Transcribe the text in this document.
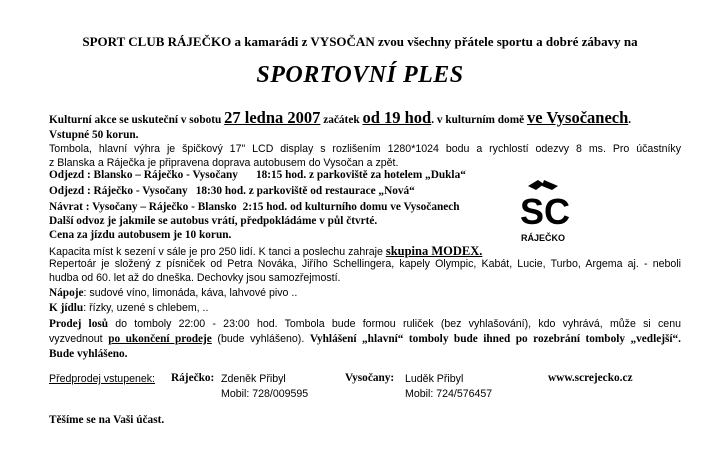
SPORT CLUB RÁJEČKO a kamarádi z VYSOČAN zvou všechny přátele sportu a dobré zábavy na
SPORTOVNÍ PLES
Kulturní akce se uskuteční v sobotu 27 ledna 2007 začátek od 19 hod. v kulturním domě ve Vysočanech.
Vstupné 50 korun.
Tombola, hlavní výhra je špičkový 17" LCD display s rozlišením 1280*1024 bodu a rychlostí odezvy 8 ms. Pro účastníky
z Blanska a Ráječka je připravena doprava autobusem do Vysočan a zpět.
Odjezd : Blansko – Ráječko - Vysočany 18:15 hod. z parkoviště za hotelem „Dukla“
Odjezd : Ráječko - Vysočany 18:30 hod. z parkoviště od restaurace „Nová“
Návrat : Vysočany – Ráječko - Blansko 2:15 hod. od kulturního domu ve Vysočanech
Další odvoz je jakmile se autobus vrátí, předpokládáme v půl čtvrté.
Cena za jízdu autobusem je 10 korun.
Kapacita míst k sezení v sále je pro 250 lidí. K tanci a poslechu zahraje skupina MODEX.
Repertoár je složený z písniček od Petra Nováka, Jiřího Schellingera, kapely Olympic, Kabát, Lucie, Turbo, Argema aj. - neboli
hudba od 60. let až do dneška. Dechovky jsou samozřejmostí.
Nápoje: sudové víno, limonáda, káva, lahvové pivo ..
K jídlu: řízky, uzené s chlebem, ..
Prodej losů do tomboly 22:00 - 23:00 hod. Tombola bude formou ruliček (bez vyhlašování), kdo vyhrává, může si cenu
vyzvednout po ukončení prodeje (bude vyhlášeno). Vyhlášení „hlavní“ tomboly bude ihned po rozebrání tomboly „vedlejší“.
Bude vyhlášeno.
Předprodej vstupenek: Ráječko: Zdeněk Přibyl
Mobil: 728/009595
Vysočany: Luděk Přibyl
Mobil: 724/576457
www.screjecko.cz
Těšíme se na Vaši účast.
S C
RÁJEČKO
